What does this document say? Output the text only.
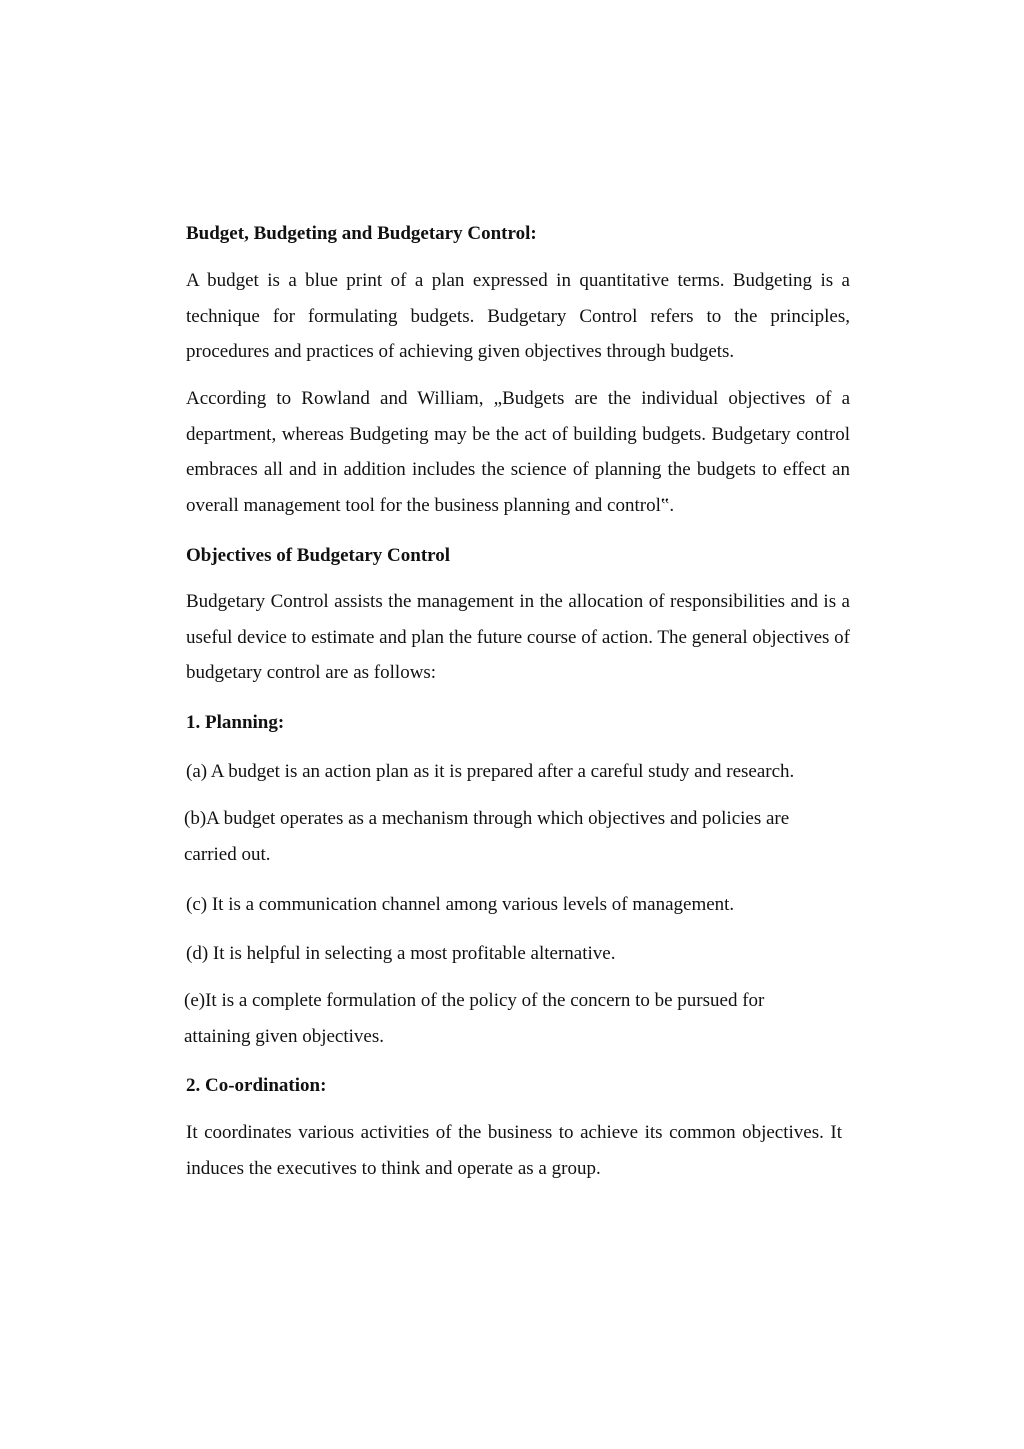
Budget, Budgeting and Budgetary Control:
A budget is a blue print of a plan expressed in quantitative terms. Budgeting is a technique for formulating budgets. Budgetary Control refers to the principles, procedures and practices of achieving given objectives through budgets.
According to Rowland and William, „Budgets are the individual objectives of a department, whereas Budgeting may be the act of building budgets. Budgetary control embraces all and in addition includes the science of planning the budgets to effect an overall management tool for the business planning and control‟.
Objectives of Budgetary Control
Budgetary Control assists the management in the allocation of responsibilities and is a useful device to estimate and plan the future course of action. The general objectives of budgetary control are as follows:
1. Planning:
(a) A budget is an action plan as it is prepared after a careful study and research.
(b)A budget operates as a mechanism through which objectives and policies are carried out.
(c) It is a communication channel among various levels of management.
(d) It is helpful in selecting a most profitable alternative.
(e)It is a complete formulation of the policy of the concern to be pursued for attaining given objectives.
2. Co-ordination:
It coordinates various activities of the business to achieve its common objectives. It induces the executives to think and operate as a group.
